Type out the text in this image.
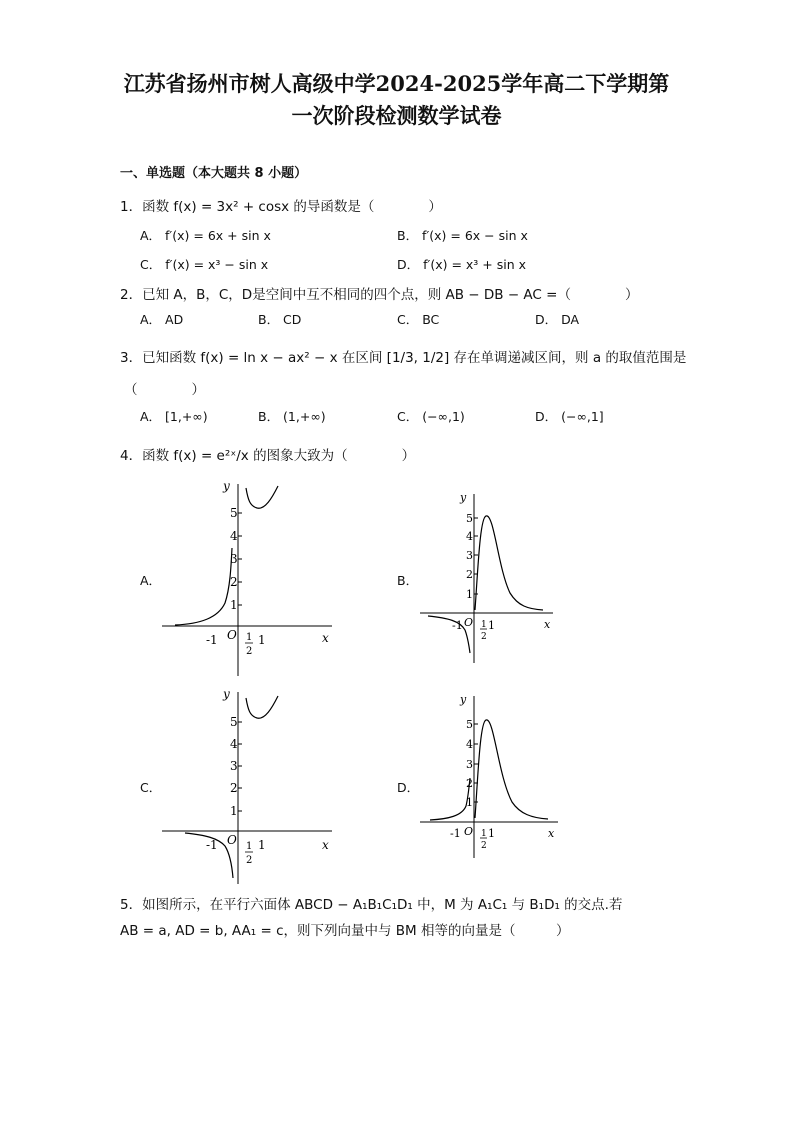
江苏省扬州市树人高级中学2024-2025学年高二下学期第
一次阶段检测数学试卷
一、单选题（本大题共 8 小题）
1．函数 f(x) = 3x² + cosx 的导函数是（　　　　）
A． f′(x) = 6x + sin x	B． f′(x) = 6x − sin x
C． f′(x) = x³ − sin x	D． f′(x) = x³ + sin x
2．已知 A，B，C，D是空间中互不相同的四个点，则 AB − DB − AC =（　　　　）
A． AD	B． CD	C． BC	D． DA
3．已知函数 f(x) = ln x − ax² − x 在区间 [1/3, 1/2] 存在单调递减区间，则 a 的取值范围是
（　　　　）
A． [1,+∞)	B． (1,+∞)	C． (−∞,1)	D． (−∞,1]
4．函数 f(x) = e²ˣ/x 的图象大致为（　　　　）
A．	B．
C．	D．
1
2
3
4
5
y
x
O
-1	1
1
2
1
2
3
4
5
y
x
O
-1 1
1
2
1
2
3
4
5
y
x
O
-1	1
1
2
1
2
3
4
5
y
x
O
-1 1
1
2
5．如图所示，在平行六面体 ABCD − A₁B₁C₁D₁ 中，M 为 A₁C₁ 与 B₁D₁ 的交点.若
AB = a, AD = b, AA₁ = c，则下列向量中与 BM 相等的向量是（　　　）
